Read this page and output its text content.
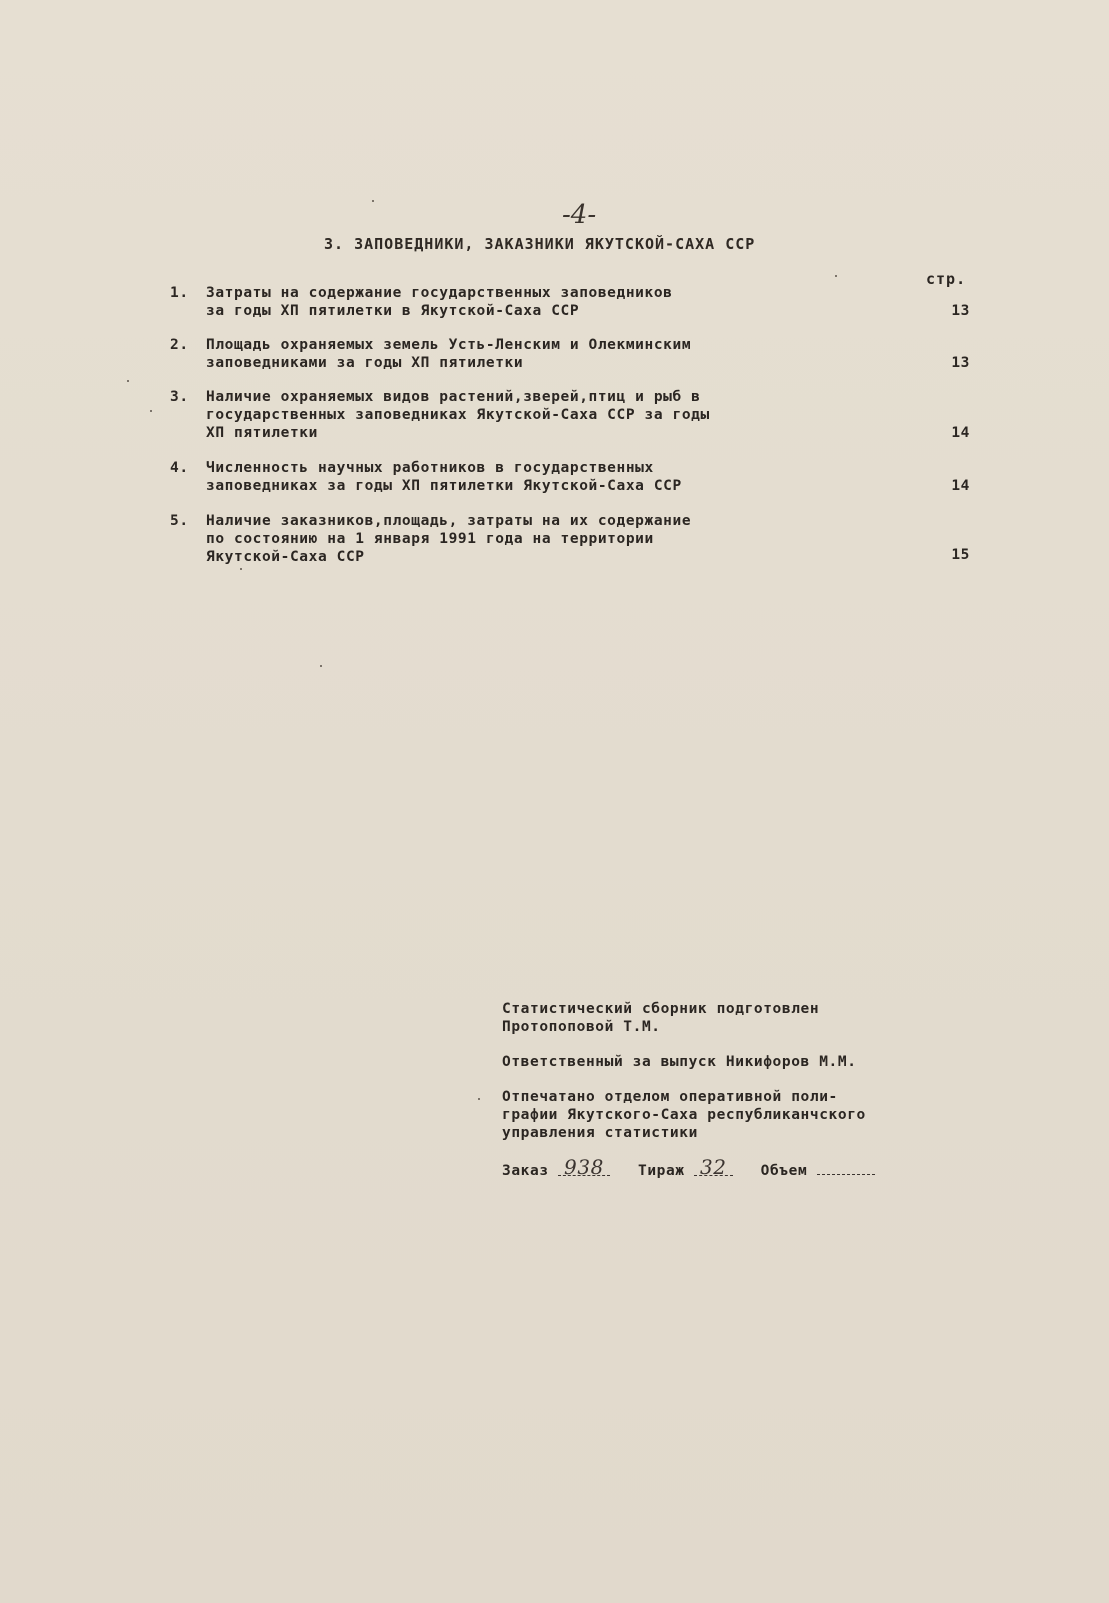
-4-
3. ЗАПОВЕДНИКИ, ЗАКАЗНИКИ ЯКУТСКОЙ-САХА ССР
стр.
1. Затраты на содержание государственных заповедников
за годы ХП пятилетки в Якутской-Саха ССР	13
2. Площадь охраняемых земель Усть-Ленским и Олекминским
заповедниками за годы ХП пятилетки	13
3. Наличие охраняемых видов растений,зверей,птиц и рыб в
государственных заповедниках Якутской-Саха ССР за годы
ХП пятилетки	14
4. Численность научных работников в государственных
заповедниках за годы ХП пятилетки Якутской-Саха ССР	14
5. Наличие заказников,площадь, затраты на их содержание
по состоянию на 1 января 1991 года на территории
Якутской-Саха ССР	15

Статистический сборник подготовлен
Протопоповой Т.М.

Ответственный за выпуск Никифоров М.М.

Отпечатано отделом оперативной поли-
графии Якутского-Саха республиканчского
управления статистики

Заказ 938 Тираж 32 Объем
